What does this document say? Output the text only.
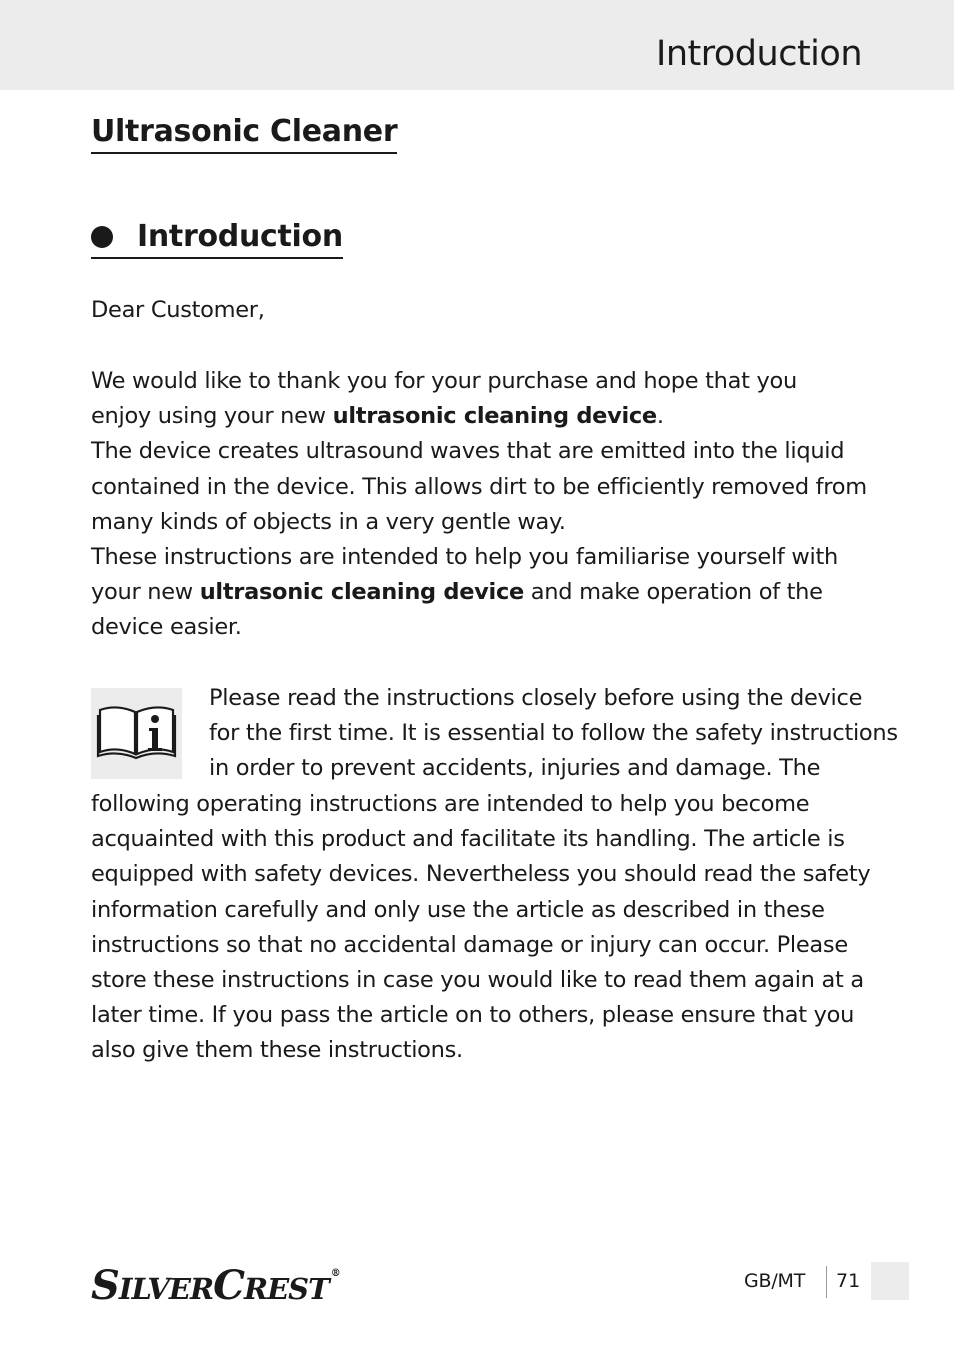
Introduction
Ultrasonic Cleaner
Introduction
Dear Customer,
We would like to thank you for your purchase and hope that you
enjoy using your new ultrasonic cleaning device.
The device creates ultrasound waves that are emitted into the liquid
contained in the device. This allows dirt to be efficiently removed from
many kinds of objects in a very gentle way.
These instructions are intended to help you familiarise yourself with
your new ultrasonic cleaning device and make operation of the
device easier.
Please read the instructions closely before using the device
for the first time. It is essential to follow the safety instructions
in order to prevent accidents, injuries and damage. The
following operating instructions are intended to help you become
acquainted with this product and facilitate its handling. The article is
equipped with safety devices. Nevertheless you should read the safety
information carefully and only use the article as described in these
instructions so that no accidental damage or injury can occur. Please
store these instructions in case you would like to read them again at a
later time. If you pass the article on to others, please ensure that you
also give them these instructions.
SILVERCREST ®	GB/MT 71
